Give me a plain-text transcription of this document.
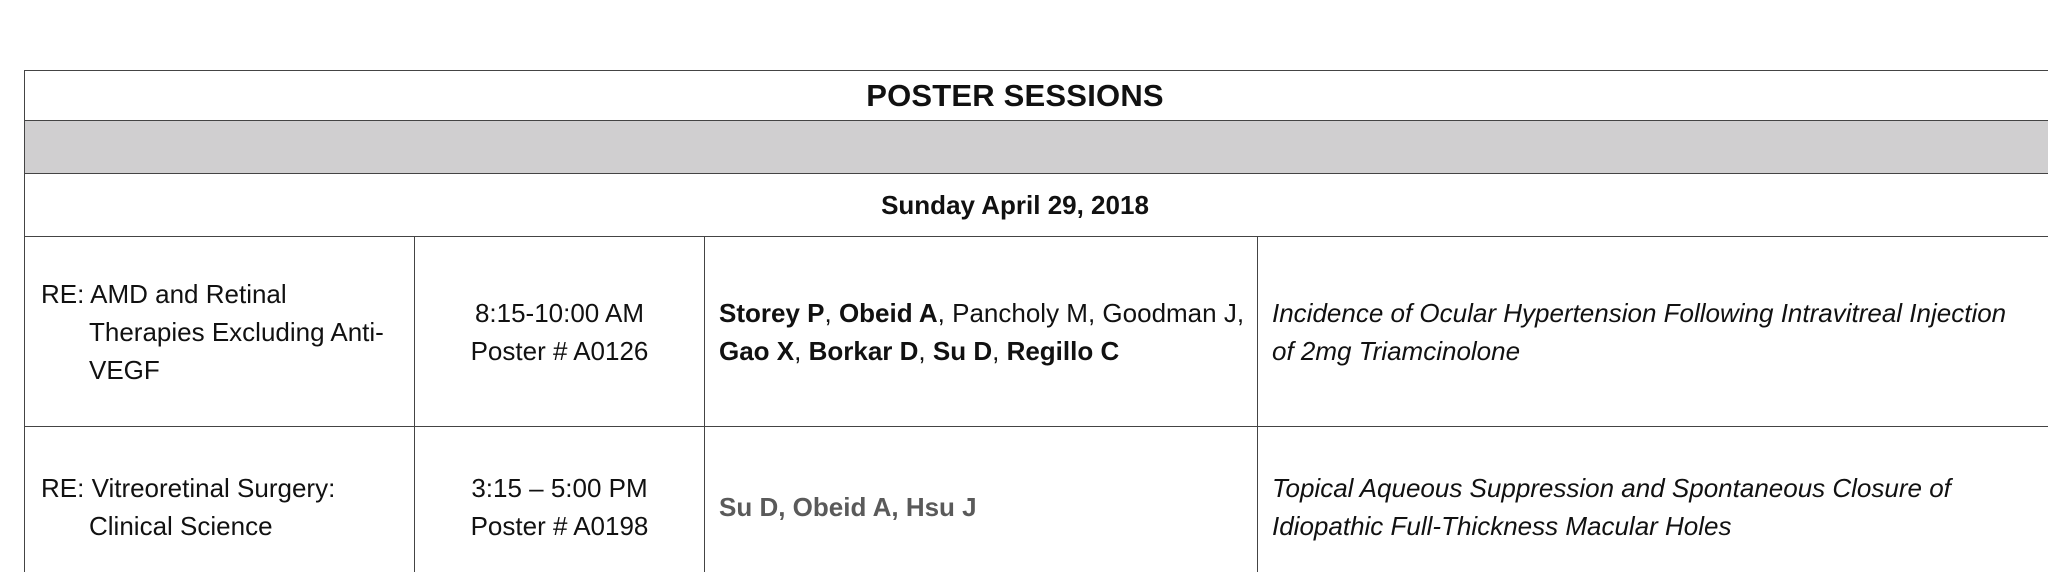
POSTER SESSIONS
Sunday April 29, 2018
RE: AMD and Retinal Therapies Excluding Anti-VEGF
8:15-10:00 AM
Poster # A0126
Storey P, Obeid A, Pancholy M, Goodman J, Gao X, Borkar D, Su D, Regillo C
Incidence of Ocular Hypertension Following Intravitreal Injection of 2mg Triamcinolone
RE: Vitreoretinal Surgery: Clinical Science
3:15 – 5:00 PM
Poster # A0198
Su D, Obeid A, Hsu J
Topical Aqueous Suppression and Spontaneous Closure of Idiopathic Full-Thickness Macular Holes
